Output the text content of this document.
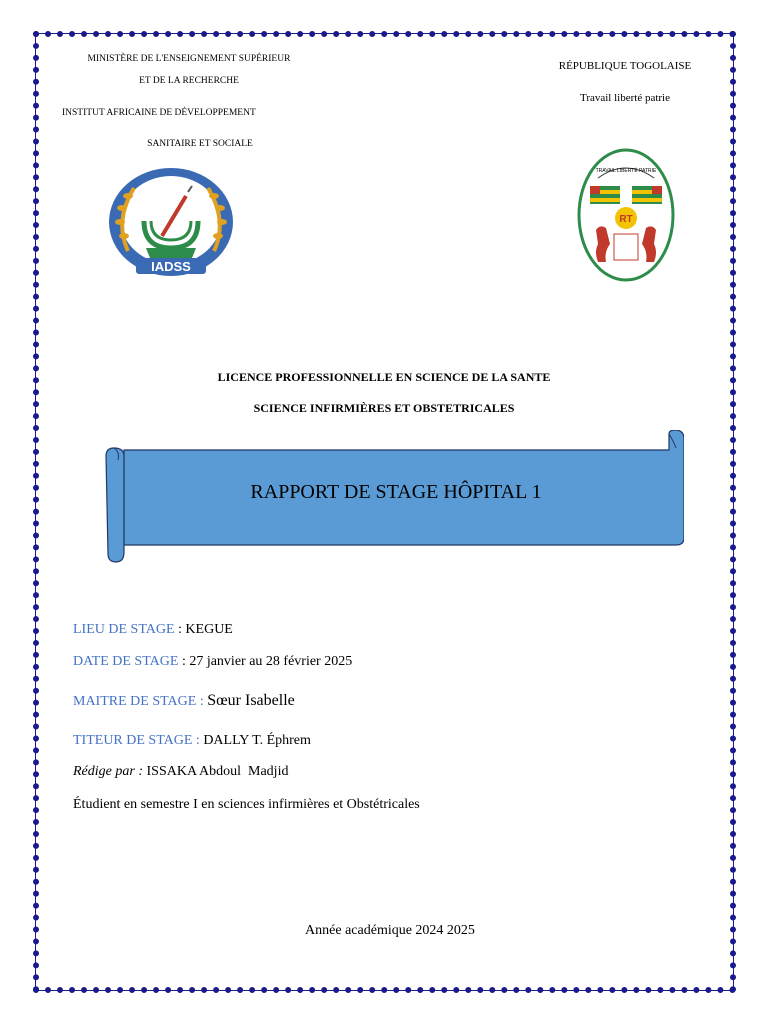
MINISTÈRE DE L'ENSEIGNEMENT SUPÉRIEUR
ET DE LA RECHERCHE
INSTITUT AFRICAINE DE DÉVELOPPEMENT
SANITAIRE ET SOCIALE
RÉPUBLIQUE TOGOLAISE
Travail liberté patrie
IADSS
TRAVAIL LIBERTÉ PATRIE
RT
LICENCE PROFESSIONNELLE EN SCIENCE DE LA SANTE
SCIENCE INFIRMIÈRES ET OBSTETRICALES
RAPPORT DE STAGE HÔPITAL 1
LIEU DE STAGE : KEGUE
DATE DE STAGE : 27 janvier au 28 février 2025
MAITRE DE STAGE : Sœur Isabelle
TITEUR DE STAGE : DALLY T. Éphrem
Rédige par : ISSAKA Abdoul  Madjid
Étudient en semestre I en sciences infirmières et Obstétricales
Année académique 2024 2025
